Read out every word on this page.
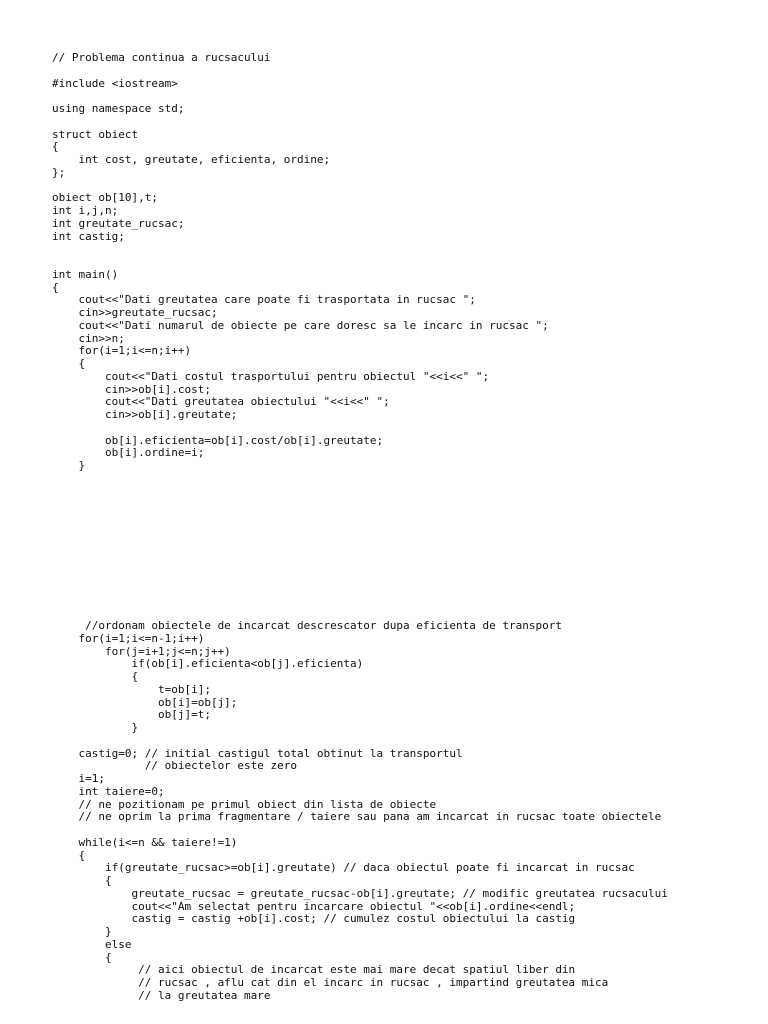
// Problema continua a rucsacului

#include <iostream>

using namespace std;

struct obiect
{
int cost, greutate, eficienta, ordine;
};

obiect ob[10],t;
int i,j,n;
int greutate_rucsac;
int castig;

int main()
{
cout<<"Dati greutatea care poate fi trasportata in rucsac ";
cin>>greutate_rucsac;
cout<<"Dati numarul de obiecte pe care doresc sa le incarc in rucsac ";
cin>>n;
for(i=1;i<=n;i++)
{
cout<<"Dati costul trasportului pentru obiectul "<<i<<" ";
cin>>ob[i].cost;
cout<<"Dati greutatea obiectului "<<i<<" ";
cin>>ob[i].greutate;

ob[i].eficienta=ob[i].cost/ob[i].greutate;
ob[i].ordine=i;
}
//ordonam obiectele de incarcat descrescator dupa eficienta de transport
for(i=1;i<=n-1;i++)
for(j=i+1;j<=n;j++)
if(ob[i].eficienta<ob[j].eficienta)
{
t=ob[i];
ob[i]=ob[j];
ob[j]=t;
}

castig=0; // initial castigul total obtinut la transportul
// obiectelor este zero
i=1;
int taiere=0;
// ne pozitionam pe primul obiect din lista de obiecte
// ne oprim la prima fragmentare / taiere sau pana am incarcat in rucsac toate obiectele

while(i<=n && taiere!=1)
{
if(greutate_rucsac>=ob[i].greutate) // daca obiectul poate fi incarcat in rucsac
{
greutate_rucsac = greutate_rucsac-ob[i].greutate; // modific greutatea rucsacului
cout<<"Am selectat pentru incarcare obiectul "<<ob[i].ordine<<endl;
castig = castig +ob[i].cost; // cumulez costul obiectului la castig
}
else
{
// aici obiectul de incarcat este mai mare decat spatiul liber din
// rucsac , aflu cat din el incarc in rucsac , impartind greutatea mica
// la greutatea mare
